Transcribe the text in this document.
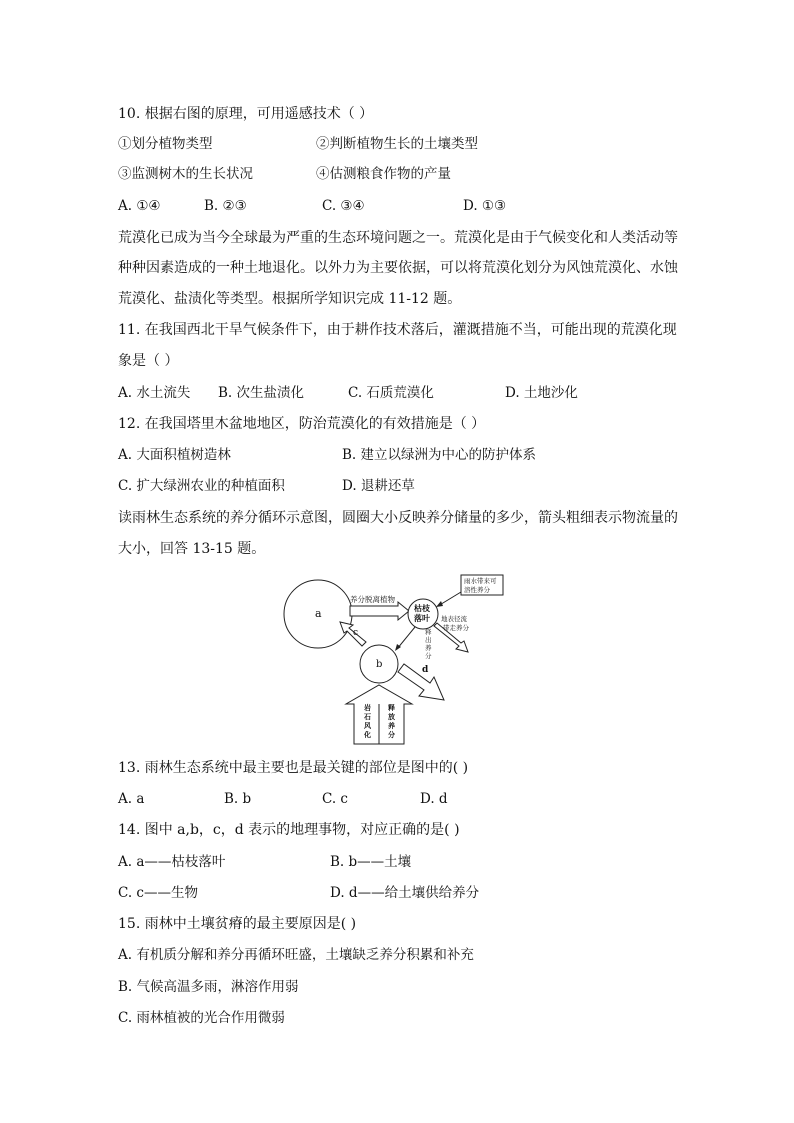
10. 根据右图的原理，可用遥感技术（ ）
①划分植物类型	②判断植物生长的土壤类型
③监测树木的生长状况	④估测粮食作物的产量
A. ①④	B. ②③	C. ③④	D. ①③
荒漠化已成为当今全球最为严重的生态环境问题之一。荒漠化是由于气候变化和人类活动等
种种因素造成的一种土地退化。以外力为主要依据，可以将荒漠化划分为风蚀荒漠化、水蚀
荒漠化、盐渍化等类型。根据所学知识完成 11-12 题。
11. 在我国西北干旱气候条件下，由于耕作技术落后，灌溉措施不当，可能出现的荒漠化现
象是（ ）
A. 水土流失 B. 次生盐渍化	C. 石质荒漠化	D. 土地沙化
12. 在我国塔里木盆地地区，防治荒漠化的有效措施是（ ）
A. 大面积植树造林	B. 建立以绿洲为中心的防护体系
C. 扩大绿洲农业的种植面积	D. 退耕还草
读雨林生态系统的养分循环示意图，圆圈大小反映养分储量的多少，箭头粗细表示物流量的
大小，回答 13-15 题。
a
养分脱离植物
枯枝
落叶
雨水带来可
溶性养分
地表径流
带走养分
释
出
养
分
b
c
d
岩
石
风
化
释
放
养
分
13. 雨林生态系统中最主要也是最关键的部位是图中的( )
A. a	B. b	C. c	D. d
14. 图中 a,b，c，d 表示的地理事物，对应正确的是( )
A. a——枯枝落叶	B. b——土壤
C. c——生物	D. d——给土壤供给养分
15. 雨林中土壤贫瘠的最主要原因是( )
A. 有机质分解和养分再循环旺盛，土壤缺乏养分积累和补充
B. 气候高温多雨，淋溶作用弱
C. 雨林植被的光合作用微弱
